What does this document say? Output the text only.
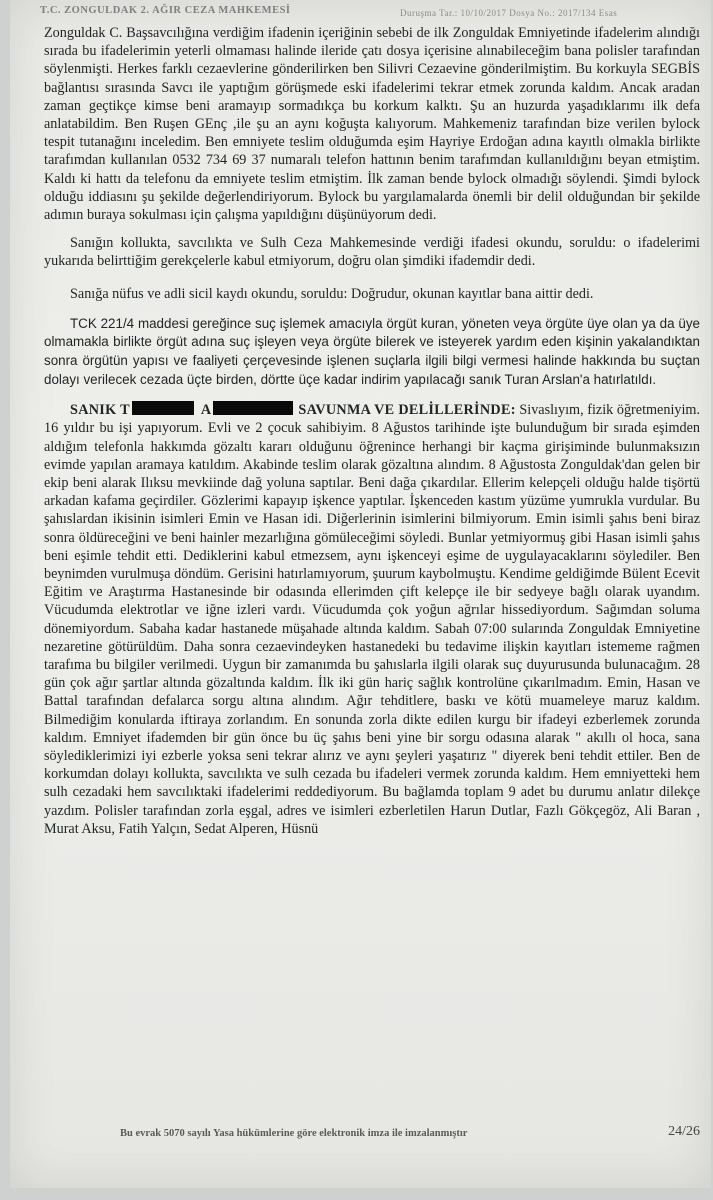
T.C. ZONGULDAK 2. AĞIR CEZA MAHKEMESİ	Duruşma Tar.: 10/10/2017 Dosya No.: 2017/134 Esas

Zonguldak C. Başsavcılığına verdiğim ifadenin içeriğinin sebebi de ilk Zonguldak Emniyetinde ifadelerim alındığı sırada bu ifadelerimin yeterli olmaması halinde ileride çatı dosya içerisine alınabileceğim bana polisler tarafından söylenmişti. Herkes farklı cezaevlerine gönderilirken ben Silivri Cezaevine gönderilmiştim. Bu korkuyla SEGBİS bağlantısı sırasında Savcı ile yaptığım görüşmede eski ifadelerimi tekrar etmek zorunda kaldım. Ancak aradan zaman geçtikçe kimse beni aramayıp sormadıkça bu korkum kalktı. Şu an huzurda yaşadıklarımı ilk defa anlatabildim. Ben Ruşen GEnç ,ile şu an aynı koğuşta kalıyorum. Mahkemeniz tarafından bize verilen bylock tespit tutanağını inceledim. Ben emniyete teslim olduğumda eşim Hayriye Erdoğan adına kayıtlı olmakla birlikte tarafımdan kullanılan 0532 734 69 37 numaralı telefon hattının benim tarafımdan kullanıldığını beyan etmiştim. Kaldı ki hattı da telefonu da emniyete teslim etmiştim. İlk zaman bende bylock olmadığı söylendi. Şimdi bylock olduğu iddiasını şu şekilde değerlendiriyorum. Bylock bu yargılamalarda önemli bir delil olduğundan bir şekilde adımın buraya sokulması için çalışma yapıldığını düşünüyorum dedi.

Sanığın kollukta, savcılıkta ve Sulh Ceza Mahkemesinde verdiği ifadesi okundu, soruldu: o ifadelerimi yukarıda belirttiğim gerekçelerle kabul etmiyorum, doğru olan şimdiki ifademdir dedi.

Sanığa nüfus ve adli sicil kaydı okundu, soruldu: Doğrudur, okunan kayıtlar bana aittir dedi.

TCK 221/4 maddesi gereğince suç işlemek amacıyla örgüt kuran, yöneten veya örgüte üye olan ya da üye olmamakla birlikte örgüt adına suç işleyen veya örgüte bilerek ve isteyerek yardım eden kişinin yakalandıktan sonra örgütün yapısı ve faaliyeti çerçevesinde işlenen suçlarla ilgili bilgi vermesi halinde hakkında bu suçtan dolayı verilecek cezada üçte birden, dörtte üçe kadar indirim yapılacağı sanık Turan Arslan'a hatırlatıldı.

SANIK T	A	SAVUNMA VE DELİLLERİNDE: Sivaslıyım, fizik öğretmeniyim. 16 yıldır bu işi yapıyorum. Evli ve 2 çocuk sahibiyim. 8 Ağustos tarihinde işte bulunduğum bir sırada eşimden aldığım telefonla hakkımda gözaltı kararı olduğunu öğrenince herhangi bir kaçma girişiminde bulunmaksızın evimde yapılan aramaya katıldım. Akabinde teslim olarak gözaltına alındım. 8 Ağustosta Zonguldak'dan gelen bir ekip beni alarak Ilıksu mevkiinde dağ yoluna saptılar. Beni dağa çıkardılar. Ellerim kelepçeli olduğu halde tişörtü arkadan kafama geçirdiler. Gözlerimi kapayıp işkence yaptılar. İşkenceden kastım yüzüme yumrukla vurdular. Bu şahıslardan ikisinin isimleri Emin ve Hasan idi. Diğerlerinin isimlerini bilmiyorum. Emin isimli şahıs beni biraz sonra öldüreceğini ve beni hainler mezarlığına gömüleceğimi söyledi. Bunlar yetmiyormuş gibi Hasan isimli şahıs beni eşimle tehdit etti. Dediklerini kabul etmezsem, aynı işkenceyi eşime de uygulayacaklarını söylediler. Ben beynimden vurulmuşa döndüm. Gerisini hatırlamıyorum, şuurum kaybolmuştu. Kendime geldiğimde Bülent Ecevit Eğitim ve Araştırma Hastanesinde bir odasında ellerimden çift kelepçe ile bir sedyeye bağlı olarak uyandım. Vücudumda elektrotlar ve iğne izleri vardı. Vücudumda çok yoğun ağrılar hissediyordum. Sağımdan soluma dönemiyordum. Sabaha kadar hastanede müşahade altında kaldım. Sabah 07:00 sularında Zonguldak Emniyetine nezaretine götürüldüm. Daha sonra cezaevindeyken hastanedeki bu tedavime ilişkin kayıtları istememe rağmen tarafıma bu bilgiler verilmedi. Uygun bir zamanımda bu şahıslarla ilgili olarak suç duyurusunda bulunacağım. 28 gün çok ağır şartlar altında gözaltında kaldım. İlk iki gün hariç sağlık kontrolüne çıkarılmadım. Emin, Hasan ve Battal tarafından defalarca sorgu altına alındım. Ağır tehditlere, baskı ve kötü muameleye maruz kaldım. Bilmediğim konularda iftiraya zorlandım. En sonunda zorla dikte edilen kurgu bir ifadeyi ezberlemek zorunda kaldım. Emniyet ifademden bir gün önce bu üç şahıs beni yine bir sorgu odasına alarak " akıllı ol hoca, sana söylediklerimizi iyi ezberle yoksa seni tekrar alırız ve aynı şeyleri yaşatırız " diyerek beni tehdit ettiler. Ben de korkumdan dolayı kollukta, savcılıkta ve sulh cezada bu ifadeleri vermek zorunda kaldım. Hem emniyetteki hem sulh cezadaki hem savcılıktaki ifadelerimi reddediyorum. Bu bağlamda toplam 9 adet bu durumu anlatır dilekçe yazdım. Polisler tarafından zorla eşgal, adres ve isimleri ezberletilen Harun Dutlar, Fazlı Gökçegöz, Ali Baran , Murat Aksu, Fatih Yalçın, Sedat Alperen, Hüsnü

Bu evrak 5070 sayılı Yasa hükümlerine göre elektronik imza ile imzalanmıştır	24/26
